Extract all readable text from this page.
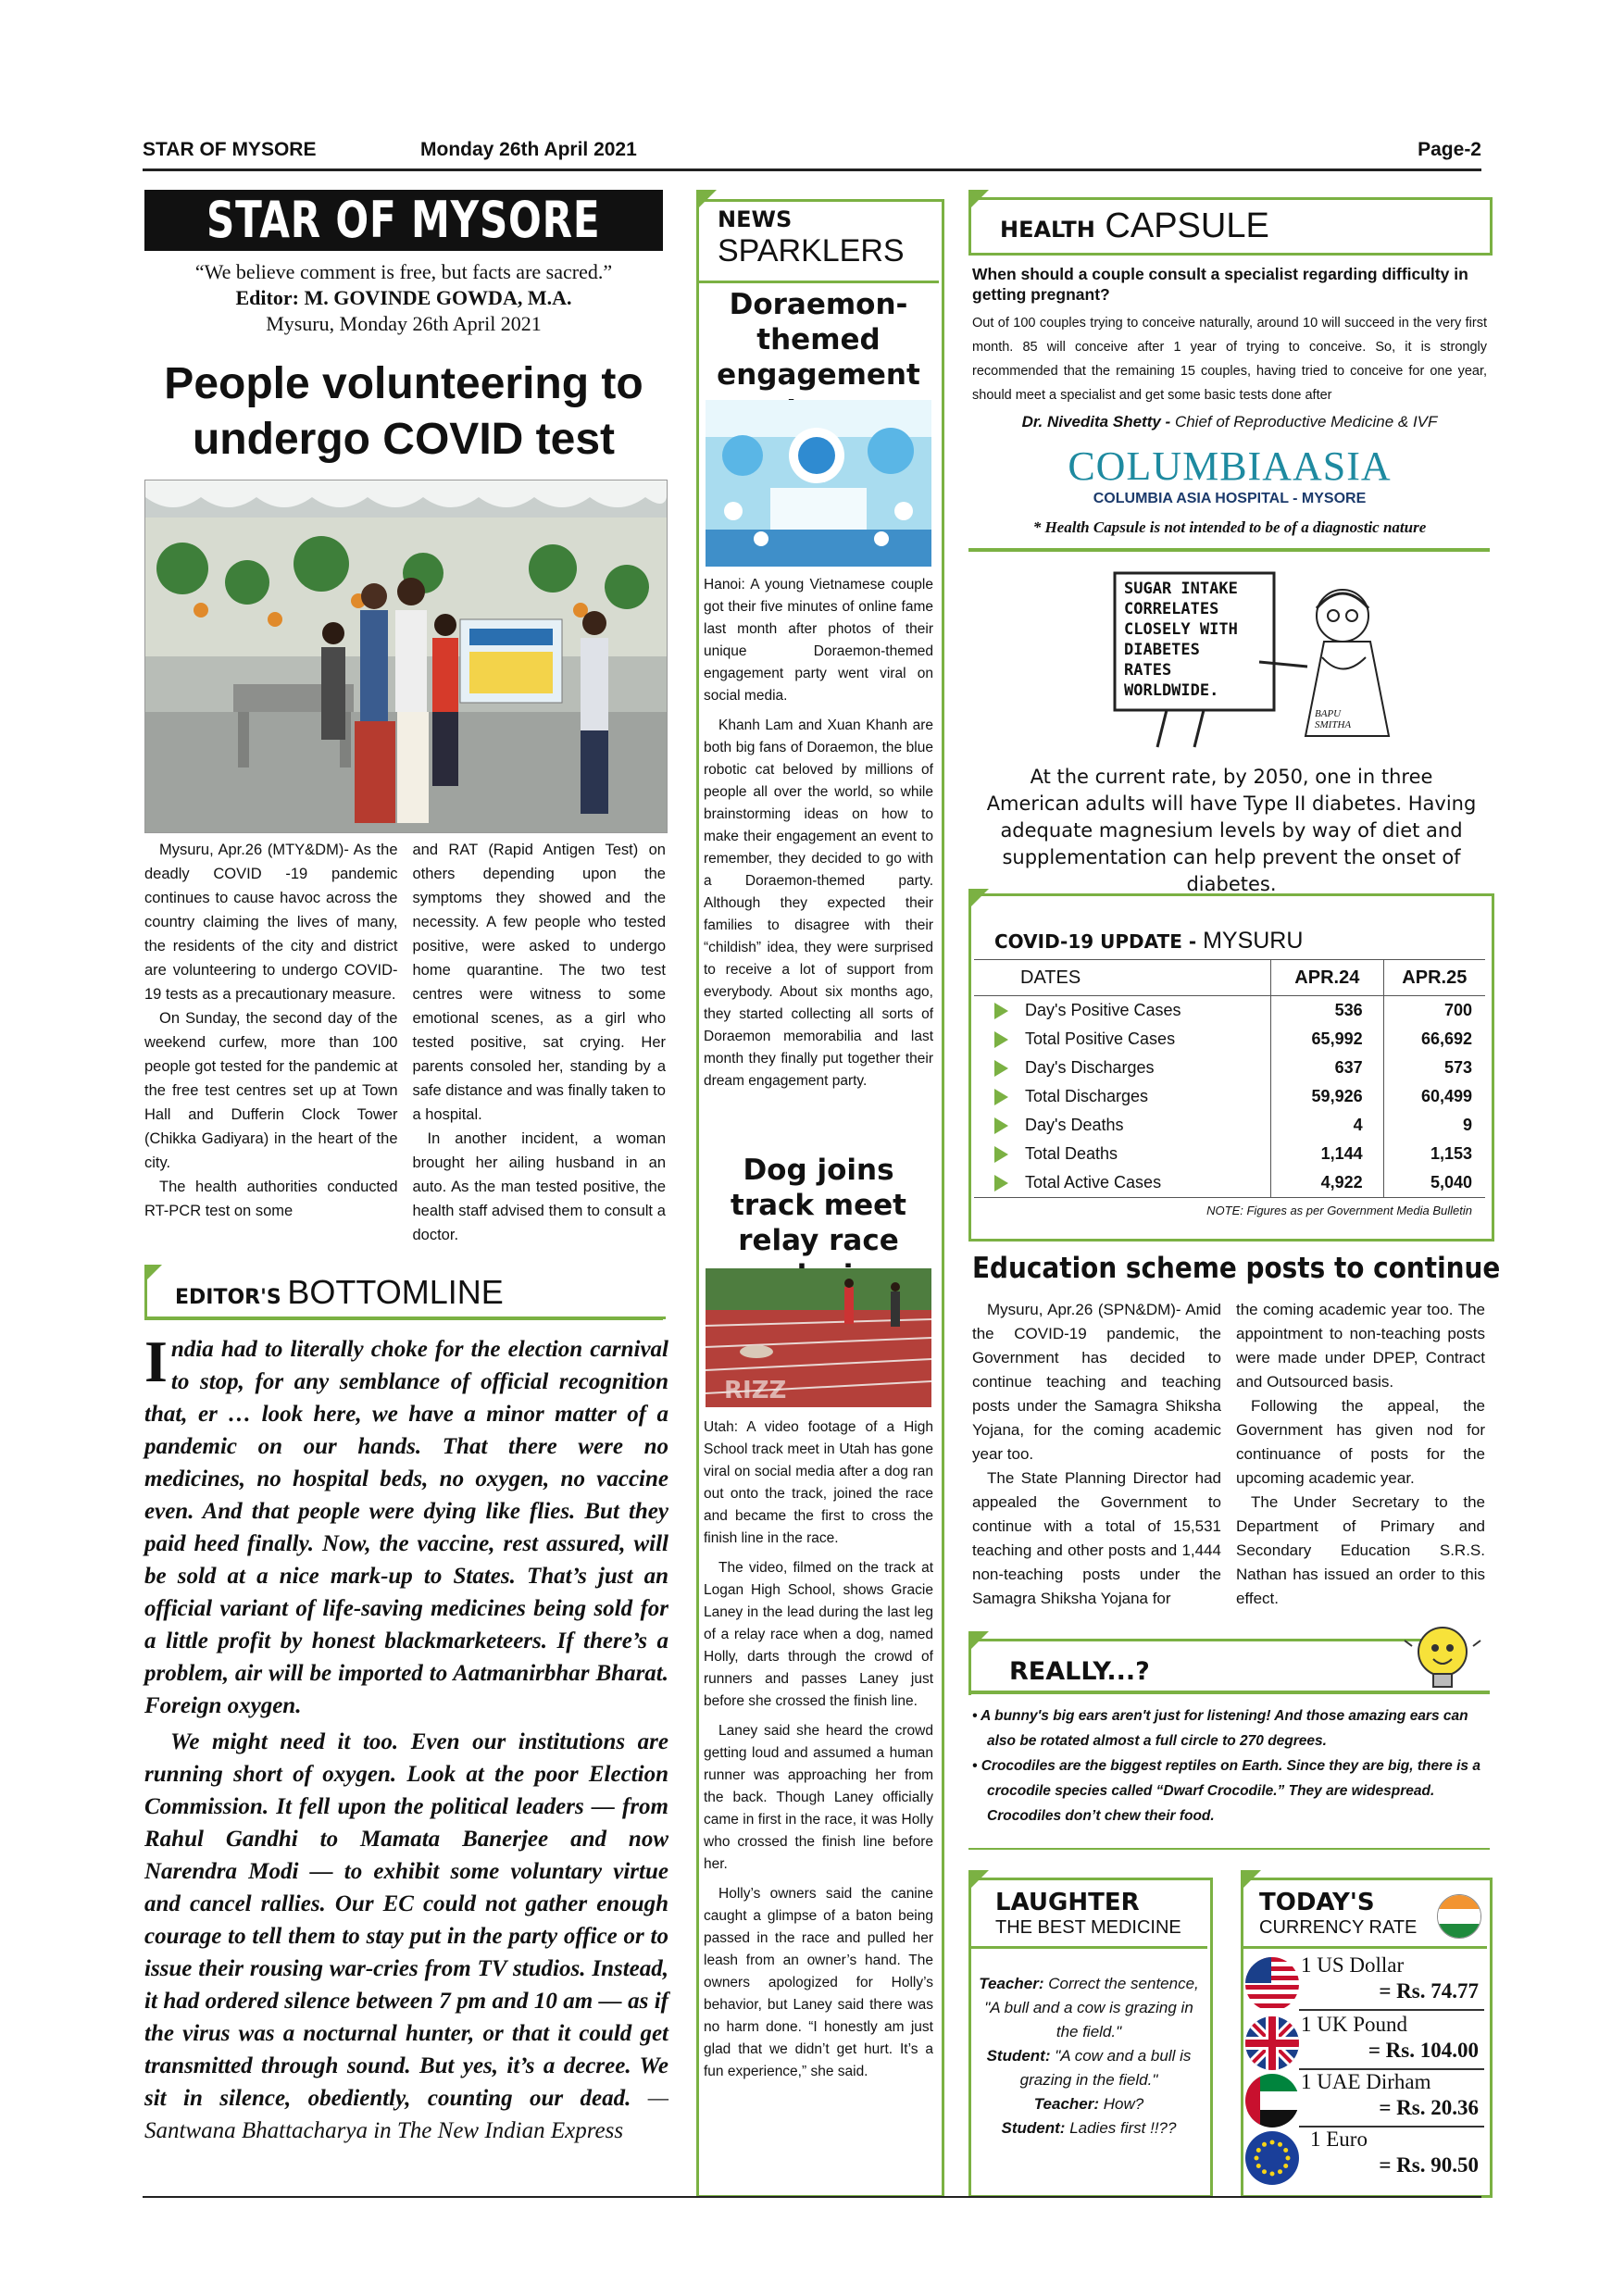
STAR OF MYSORE	Monday 26th April 2021	Page-2
STAR OF MYSORE
“We believe comment is free, but facts are sacred.”
Editor: M. GOVINDE GOWDA, M.A.
Mysuru, Monday 26th April 2021
People volunteering to undergo COVID test

Mysuru, Apr.26 (MTY&DM)- As the deadly COVID -19 pandemic continues to cause havoc across the country claiming the lives of many, the residents of the city and district are volunteering to undergo COVID-19 tests as a precautionary measure.

On Sunday, the second day of the weekend curfew, more than 100 people got tested for the pandemic at the free test centres set up at Town Hall and Dufferin Clock Tower (Chikka Gadiyara) in the heart of the city.

The health authorities conducted RT-PCR test on some

and RAT (Rapid Antigen Test) on others depending upon the symptoms they showed and the necessity. A few people who tested positive, were asked to undergo home quarantine. The two test centres were witness to some emotional scenes, as a girl who tested positive, sat crying. Her parents consoled her, standing by a safe distance and was finally taken to a hospital.

In another incident, a woman brought her ailing husband in an auto. As the man tested positive, the health staff advised them to consult a doctor.

EDITOR'S BOTTOMLINE

India had to literally choke for the election carnival to stop, for any semblance of official recognition that, er … look here, we have a minor matter of a pandemic on our hands. That there were no medicines, no hospital beds, no oxygen, no vaccine even. And that people were dying like flies. But they paid heed finally. Now, the vaccine, rest assured, will be sold at a nice mark-up to States. That’s just an official variant of life-saving medicines being sold for a little profit by honest blackmarketeers. If there’s a problem, air will be imported to Aatmanirbhar Bharat. Foreign oxygen.

We might need it too. Even our institutions are running short of oxygen. Look at the poor Election Commission. It fell upon the political leaders — from Rahul Gandhi to Mamata Banerjee and now Narendra Modi — to exhibit some voluntary virtue and cancel rallies. Our EC could not gather enough courage to tell them to stay put in the party office or to issue their rousing war-cries from TV studios. Instead, it had ordered silence between 7 pm and 10 am — as if the virus was a nocturnal hunter, or that it could get transmitted through sound. But yes, it’s a decree. We sit in silence, obediently, counting our dead. —Santwana Bhattacharya in The New Indian Express

NEWS
SPARKLERS
Doraemon-themed engagement

Hanoi: A young Vietnamese couple got their five minutes of online fame last month after photos of their unique Doraemon-themed engagement party went viral on social media.

Khanh Lam and Xuan Khanh are both big fans of Doraemon, the blue robotic cat beloved by millions of people all over the world, so while brainstorming ideas on how to make their engagement an event to remember, they decided to go with a Doraemon-themed party. Although they expected their families to disagree with their “childish” idea, they were surprised to receive a lot of support from everybody. About six months ago, they started collecting all sorts of Doraemon memorabilia and last month they finally put together their dream engagement party.

Dog joins track meet relay race
RIZZ

Utah: A video footage of a High School track meet in Utah has gone viral on social media after a dog ran out onto the track, joined the race and became the first to cross the finish line in the race.

The video, filmed on the track at Logan High School, shows Gracie Laney in the lead during the last leg of a relay race when a dog, named Holly, darts through the crowd of runners and passes Laney just before she crossed the finish line.

Laney said she heard the crowd getting loud and assumed a human runner was approaching her from the back. Though Laney officially came in first in the race, it was Holly who crossed the finish line before her.

Holly’s owners said the canine caught a glimpse of a baton being passed in the race and pulled her leash from an owner’s hand. The owners apologized for Holly’s behavior, but Laney said there was no harm done. “I honestly am just glad that we didn’t get hurt. It’s a fun experience,” she said.

HEALTH CAPSULE
When should a couple consult a specialist regarding difficulty in getting pregnant?
Out of 100 couples trying to conceive naturally, around 10 will succeed in the very first month. 85 will conceive after 1 year of trying to conceive. So, it is strongly recommended that the remaining 15 couples, having tried to conceive for one year, should meet a specialist and get some basic tests done after
Dr. Nivedita Shetty - Chief of Reproductive Medicine & IVF
COLUMBIAASIA
COLUMBIA ASIA HOSPITAL - MYSORE
* Health Capsule is not intended to be of a diagnostic nature
SUGAR INTAKE
CORRELATES
CLOSELY WITH
DIABETES
RATES
WORLDWIDE.
BAPU SMITHA
At the current rate, by 2050, one in three American adults will have Type II diabetes. Having adequate magnesium levels by way of diet and supplementation can help prevent the onset of diabetes.
COVID-19 UPDATE - MYSURU
DATES	APR.24	APR.25
Day's Positive Cases	536	700
Total Positive Cases	65,992	66,692
Day's Discharges	637	573
Total Discharges	59,926	60,499
Day's Deaths	4	9
Total Deaths	1,144	1,153
Total Active Cases	4,922	5,040
NOTE: Figures as per Government Media Bulletin
Education scheme posts to continue

Mysuru, Apr.26 (SPN&DM)- Amid the COVID-19 pandemic, the Government has decided to continue teaching and teaching posts under the Samagra Shiksha Yojana, for the coming academic year too.

The State Planning Director had appealed the Government to continue with a total of 15,531 teaching and other posts and 1,444 non-teaching posts under the Samagra Shiksha Yojana for

the coming academic year too. The appointment to non-teaching posts were made under DPEP, Contract and Outsourced basis.

Following the appeal, the Government has given nod for continuance of posts for the upcoming academic year.

The Under Secretary to the Department of Primary and Secondary Education S.R.S. Nathan has issued an order to this effect.

REALLY...?
• A bunny's big ears aren't just for listening! And those amazing ears can also be rotated almost a full circle to 270 degrees.
• Crocodiles are the biggest reptiles on Earth. Since they are big, there is a crocodile species called “Dwarf Crocodile.” They are widespread. Crocodiles don’t chew their food.
LAUGHTER
THE BEST MEDICINE
Teacher: Correct the sentence, "A bull and a cow is grazing in the field."
Student: "A cow and a bull is grazing in the field."
Teacher: How?
Student: Ladies first !!??
TODAY'S
CURRENCY RATE
1 US Dollar
= Rs. 74.77
1 UK Pound
= Rs. 104.00
1 UAE Dirham
= Rs. 20.36
1 Euro
= Rs. 90.50
